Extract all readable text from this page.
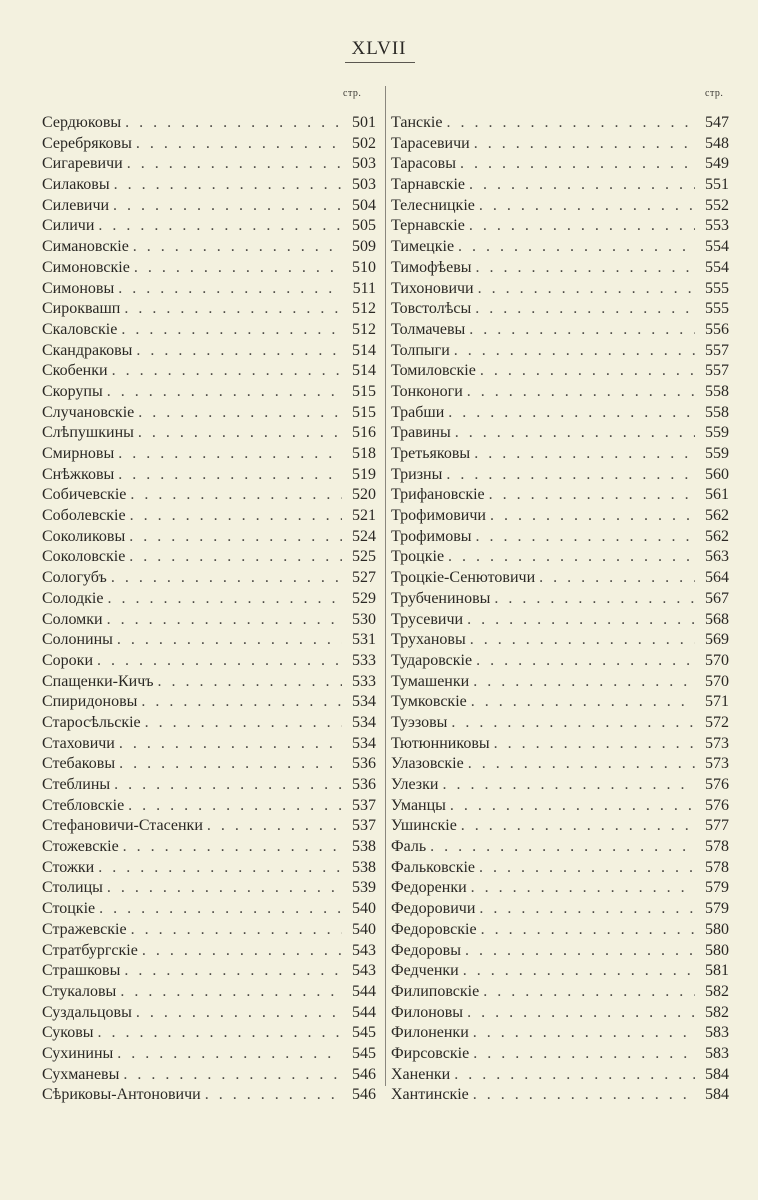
XLVII
стр.	стр.
Сердюковы . . .	501
Серебряковы . . .	502
Сигаревичи . . .	503
Силаковы . . .	503
Силевичи . . .	504
Силичи . . .	505
Симановскіе . . .	509
Симоновскіе . . .	510
Симоновы . . .	511
Сироквашп . . .	512
Скаловскіе . . .	512
Скандраковы . . .	514
Скобенки . . .	514
Скорупы . . .	515
Случановскіе . . .	515
Слѣпушкины . . .	516
Смирновы . . .	518
Снѣжковы . . .	519
Собичевскіе . . .	520
Соболевскіе . . .	521
Соколиковы . . .	524
Соколовскіе . . .	525
Сологубъ . . .	527
Солодкіе . . .	529
Соломки . . .	530
Солонины . . .	531
Сороки . . .	533
Спащенки-Кичъ . . .	533
Спиридоновы . . .	534
Старосѣльскіе . . .	534
Стаховичи . . .	534
Стебаковы . . .	536
Стеблины . . .	536
Стебловскіе . . .	537
Стефановичи-Стасенки . . .	537
Стожевскіе . . .	538
Стожки . . .	538
Столицы . . .	539
Стоцкіе . . .	540
Стражевскіе . . .	540
Стратбургскіе . . .	543
Страшковы . . .	543
Стукаловы . . .	544
Суздальцовы . . .	544
Суковы . . .	545
Сухинины . . .	545
Сухманевы . . .	546
Сѣриковы-Антоновичи . . .	546
Танскіе . . .	547
Тарасевичи . . .	548
Тарасовы . . .	549
Тарнавскіе . . .	551
Телесницкіе . . .	552
Тернавскіе . . .	553
Тимецкіе . . .	554
Тимофѣевы . . .	554
Тихоновичи . . .	555
Товстолѣсы . . .	555
Толмачевы . . .	556
Толпыги . . .	557
Томиловскіе . . .	557
Тонконоги . . .	558
Трабши . . .	558
Травины . . .	559
Третьяковы . . .	559
Тризны . . .	560
Трифановскіе . . .	561
Трофимовичи . . .	562
Трофимовы . . .	562
Троцкіе . . .	563
Троцкіе-Сенютовичи . . .	564
Трубчениновы . . .	567
Трусевичи . . .	568
Трухановы . . .	569
Тударовскіе . . .	570
Тумашенки . . .	570
Тумковскіе . . .	571
Туэзовы . . .	572
Тютюнниковы . . .	573
Улазовскіе . . .	573
Улезки . . .	576
Уманцы . . .	576
Ушинскіе . . .	577
Фаль . . .	578
Фальковскіе . . .	578
Федоренки . . .	579
Федоровичи . . .	579
Федоровскіе . . .	580
Федоровы . . .	580
Федченки . . .	581
Филиповскіе . . .	582
Филоновы . . .	582
Филоненки . . .	583
Фирсовскіе . . .	583
Ханенки . . .	584
Хантинскіе . . .	584
